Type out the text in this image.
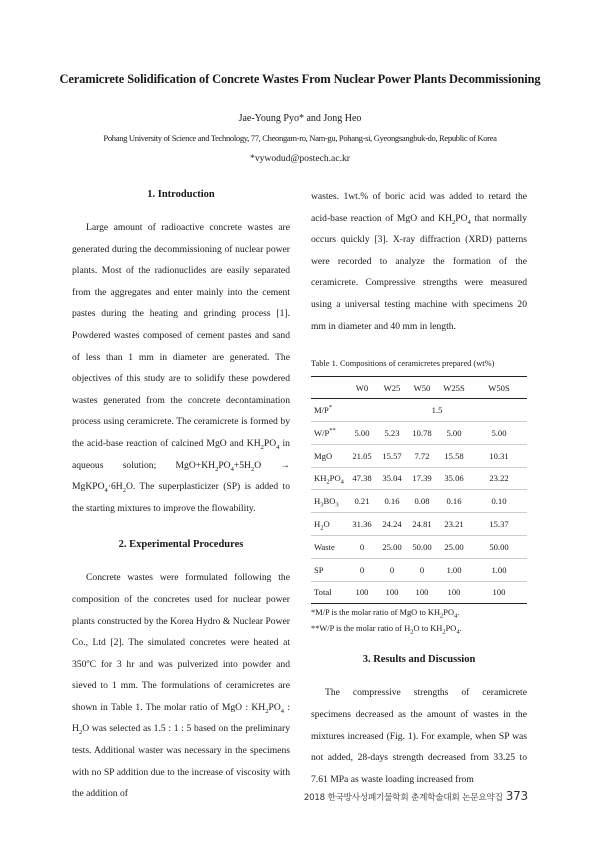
Ceramicrete Solidification of Concrete Wastes From Nuclear Power Plants Decommissioning
Jae-Young Pyo* and Jong Heo
Pohang University of Science and Technology, 77, Cheongam-ro, Nam-gu, Pohang-si, Gyeongsangbuk-do, Republic of Korea
*vywodud@postech.ac.kr

1. Introduction

Large amount of radioactive concrete wastes are generated during the decommissioning of nuclear power plants. Most of the radionuclides are easily separated from the aggregates and enter mainly into the cement pastes during the heating and grinding process [1]. Powdered wastes composed of cement pastes and sand of less than 1 mm in diameter are generated. The objectives of this study are to solidify these powdered wastes generated from the concrete decontamination process using ceramicrete. The ceramicrete is formed by the acid-base reaction of calcined MgO and $KH_2PO_4$ in aqueous solution; $MgO+KH_2PO_4+5H_2O$ → $MgKPO_4\cdot 6H_2O$. The superplasticizer (SP) is added to the starting mixtures to improve the flowability.

2. Experimental Procedures

Concrete wastes were formulated following the composition of the concretes used for nuclear power plants constructed by the Korea Hydro & Nuclear Power Co., Ltd [2]. The simulated concretes were heated at 350$^o$C for 3 hr and was pulverized into powder and sieved to 1 mm. The formulations of ceramicretes are shown in Table 1. The molar ratio of MgO : $KH_2PO_4$ : $H_2O$ was selected as 1.5 : 1 : 5 based on the preliminary tests. Additional waster was necessary in the specimens with no SP addition due to the increase of viscosity with the addition of

wastes. 1wt.% of boric acid was added to retard the acid-base reaction of MgO and $KH_2PO_4$ that normally occurs quickly [3]. X-ray diffraction (XRD) patterns were recorded to analyze the formation of the ceramicrete. Compressive strengths were measured using a universal testing machine with specimens 20 mm in diameter and 40 mm in length.

Table 1. Compositions of ceramicretes prepared (wt%)

	W0	W25	W50	W25S	W50S
M/P*	1.5				
W/P**	5.00	5.23	10.78	5.00	5.00
MgO	21.05	15.57	7.72	15.58	10.31
$KH_2PO_4$	47.38	35.04	17.39	35.06	23.22
$H_3BO_3$	0.21	0.16	0.08	0.16	0.10
$H_2O$	31.36	24.24	24.81	23.21	15.37
Waste	0	25.00	50.00	25.00	50.00
SP	0	0	0	1.00	1.00
Total	100	100	100	100	100

*M/P is the molar ratio of MgO to $KH_2PO_4$.

**W/P is the molar ratio of $H_2O$ to $KH_2PO_4$.

3. Results and Discussion

The compressive strengths of ceramicrete specimens decreased as the amount of wastes in the mixtures increased (Fig. 1). For example, when SP was not added, 28-days strength decreased from 33.25 to 7.61 MPa as waste loading increased from

2018 한국방사성폐기물학회 춘계학술대회 논문요약집 373
